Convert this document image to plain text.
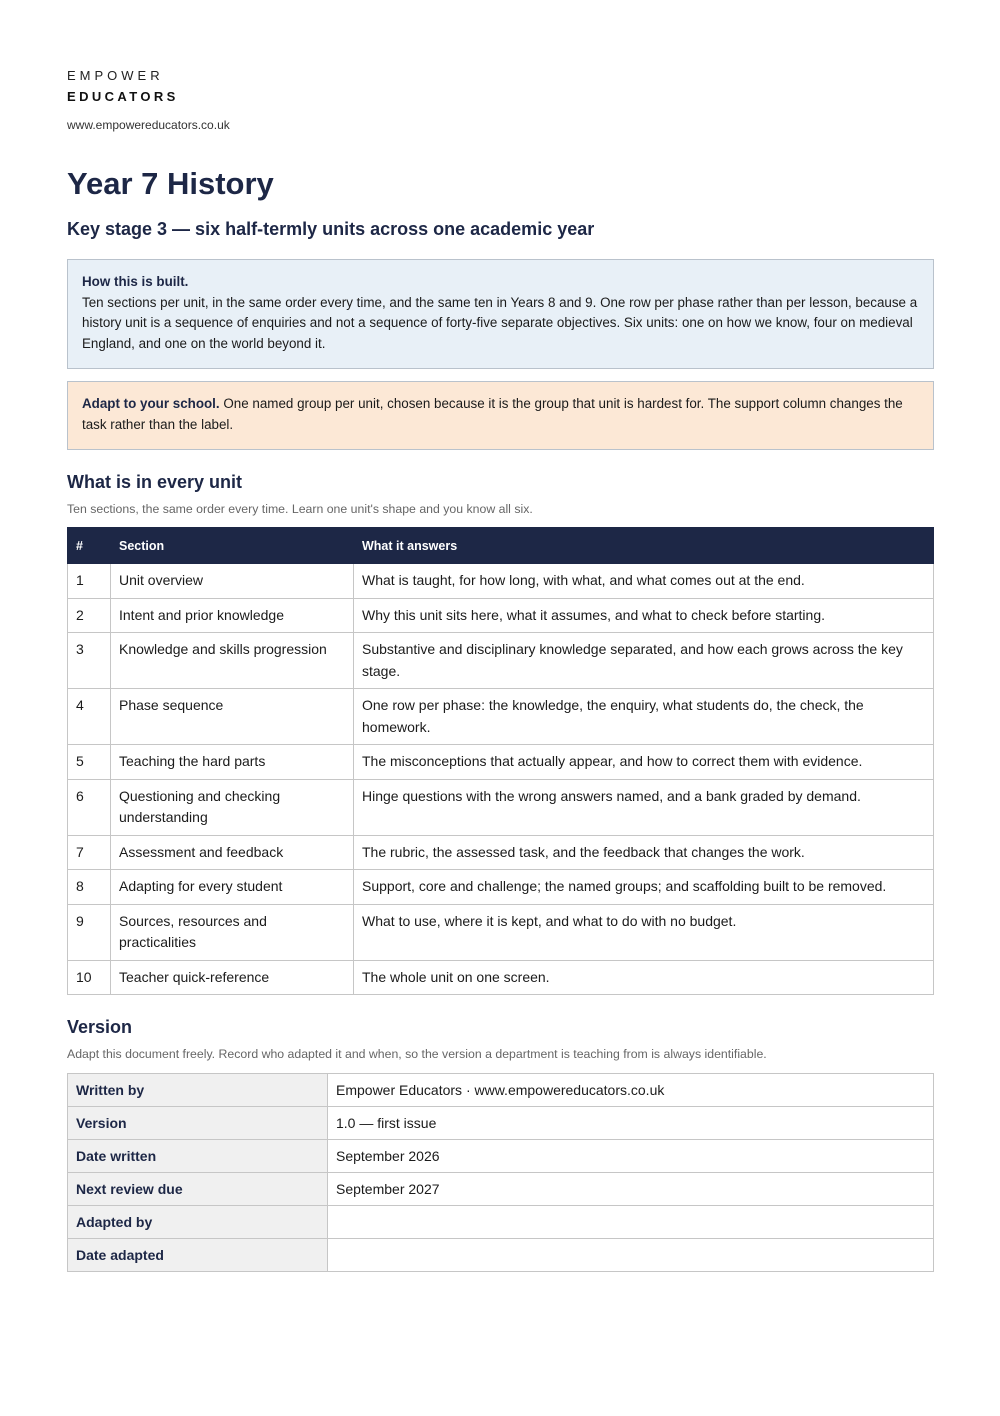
EMPOWER
EDUCATORS
www.empowereducators.co.uk
Year 7 History
Key stage 3 — six half-termly units across one academic year
How this is built.
Ten sections per unit, in the same order every time, and the same ten in Years 8 and 9. One row per phase rather than per lesson, because a history unit is a sequence of enquiries and not a sequence of forty-five separate objectives. Six units: one on how we know, four on medieval England, and one on the world beyond it.
Adapt to your school. One named group per unit, chosen because it is the group that unit is hardest for. The support column changes the task rather than the label.
What is in every unit
Ten sections, the same order every time. Learn one unit's shape and you know all six.
#	Section	What it answers
1	Unit overview	What is taught, for how long, with what, and what comes out at the end.
2	Intent and prior knowledge	Why this unit sits here, what it assumes, and what to check before starting.
3	Knowledge and skills progression	Substantive and disciplinary knowledge separated, and how each grows across the key stage.
4	Phase sequence	One row per phase: the knowledge, the enquiry, what students do, the check, the homework.
5	Teaching the hard parts	The misconceptions that actually appear, and how to correct them with evidence.
6	Questioning and checking understanding	Hinge questions with the wrong answers named, and a bank graded by demand.
7	Assessment and feedback	The rubric, the assessed task, and the feedback that changes the work.
8	Adapting for every student	Support, core and challenge; the named groups; and scaffolding built to be removed.
9	Sources, resources and practicalities	What to use, where it is kept, and what to do with no budget.
10	Teacher quick-reference	The whole unit on one screen.
Version
Adapt this document freely. Record who adapted it and when, so the version a department is teaching from is always identifiable.
Written by	Empower Educators · www.empowereducators.co.uk
Version	1.0 — first issue
Date written	September 2026
Next review due	September 2027
Adapted by	
Date adapted	
